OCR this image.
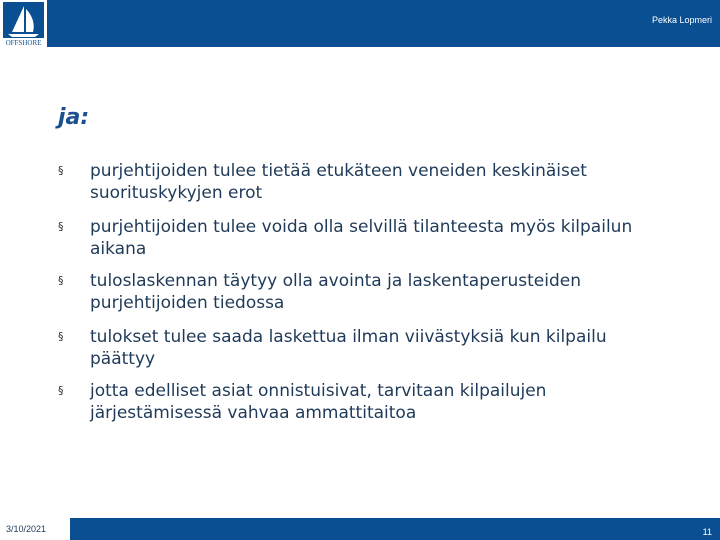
OFFSHORE
Pekka Lopmeri
ja:
§ purjehtijoiden tulee tietää etukäteen veneiden keskinäiset suorituskykyjen erot
§ purjehtijoiden tulee voida olla selvillä tilanteesta myös kilpailun aikana
§ tuloslaskennan täytyy olla avointa ja laskentaperusteiden purjehtijoiden tiedossa
§ tulokset tulee saada laskettua ilman viivästyksiä kun kilpailu päättyy
§ jotta edelliset asiat onnistuisivat, tarvitaan kilpailujen järjestämisessä vahvaa ammattitaitoa
3/10/2021	11
